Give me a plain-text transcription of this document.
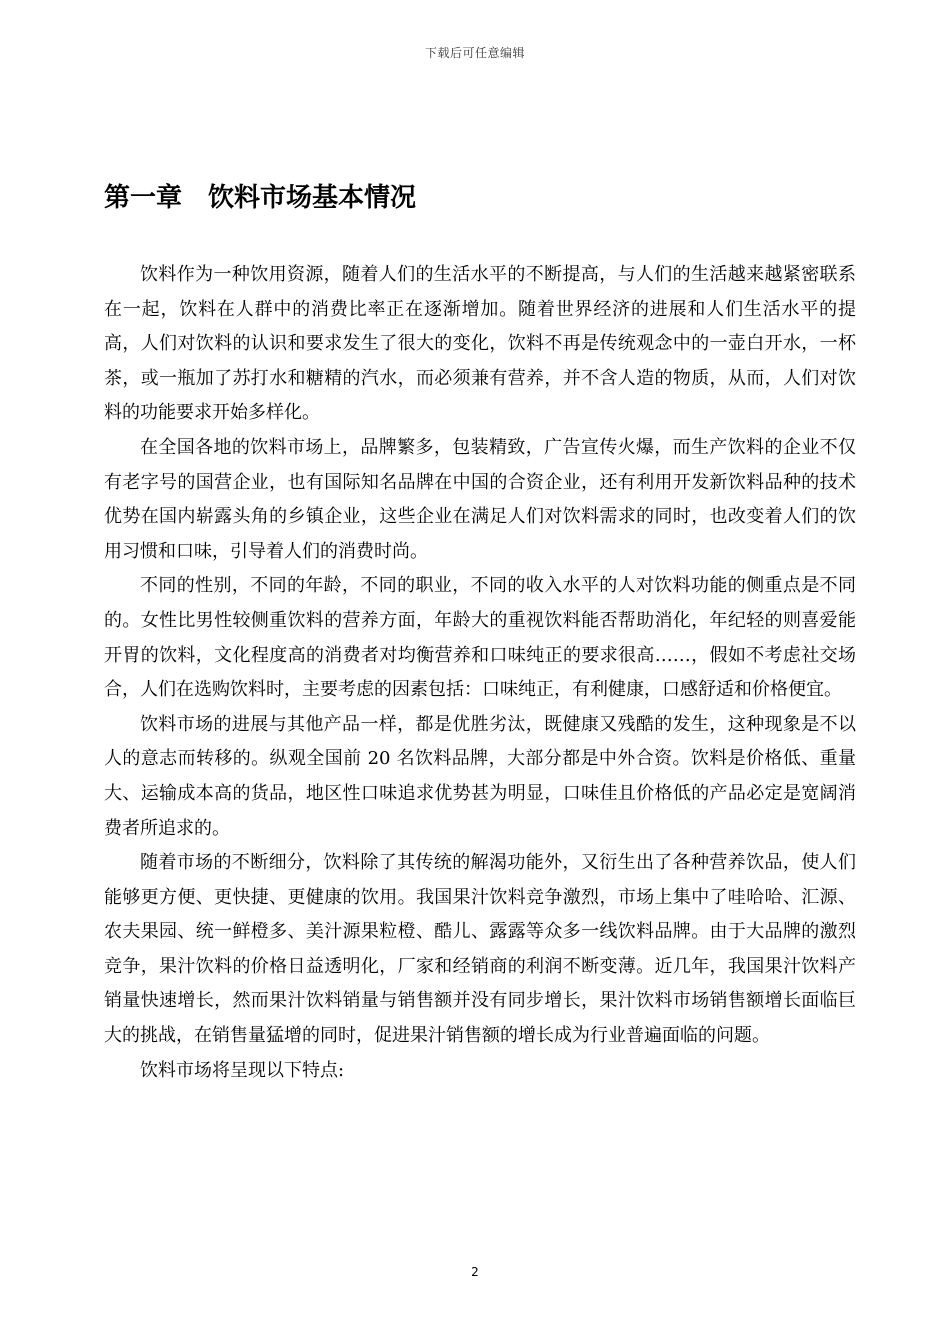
下载后可任意编辑
第一章　饮料市场基本情况

饮料作为一种饮用资源，随着人们的生活水平的不断提高，与人们的生活越来越紧密联系在一起，饮料在人群中的消费比率正在逐渐增加。随着世界经济的进展和人们生活水平的提高，人们对饮料的认识和要求发生了很大的变化，饮料不再是传统观念中的一壶白开水，一杯茶，或一瓶加了苏打水和糖精的汽水，而必须兼有营养，并不含人造的物质，从而，人们对饮料的功能要求开始多样化。

在全国各地的饮料市场上，品牌繁多，包装精致，广告宣传火爆，而生产饮料的企业不仅有老字号的国营企业，也有国际知名品牌在中国的合资企业，还有利用开发新饮料品种的技术优势在国内崭露头角的乡镇企业，这些企业在满足人们对饮料需求的同时，也改变着人们的饮用习惯和口味，引导着人们的消费时尚。

不同的性别，不同的年龄，不同的职业，不同的收入水平的人对饮料功能的侧重点是不同的。女性比男性较侧重饮料的营养方面，年龄大的重视饮料能否帮助消化，年纪轻的则喜爱能开胃的饮料，文化程度高的消费者对均衡营养和口味纯正的要求很高……，假如不考虑社交场合，人们在选购饮料时，主要考虑的因素包括：口味纯正，有利健康，口感舒适和价格便宜。

饮料市场的进展与其他产品一样，都是优胜劣汰，既健康又残酷的发生，这种现象是不以人的意志而转移的。纵观全国前 20 名饮料品牌，大部分都是中外合资。饮料是价格低、重量大、运输成本高的货品，地区性口味追求优势甚为明显，口味佳且价格低的产品必定是宽阔消费者所追求的。

随着市场的不断细分，饮料除了其传统的解渴功能外，又衍生出了各种营养饮品，使人们能够更方便、更快捷、更健康的饮用。我国果汁饮料竞争激烈，市场上集中了哇哈哈、汇源、农夫果园、统一鲜橙多、美汁源果粒橙、酷儿、露露等众多一线饮料品牌。由于大品牌的激烈竞争，果汁饮料的价格日益透明化，厂家和经销商的利润不断变薄。近几年，我国果汁饮料产销量快速增长，然而果汁饮料销量与销售额并没有同步增长，果汁饮料市场销售额增长面临巨大的挑战，在销售量猛增的同时，促进果汁销售额的增长成为行业普遍面临的问题。

饮料市场将呈现以下特点:

2
